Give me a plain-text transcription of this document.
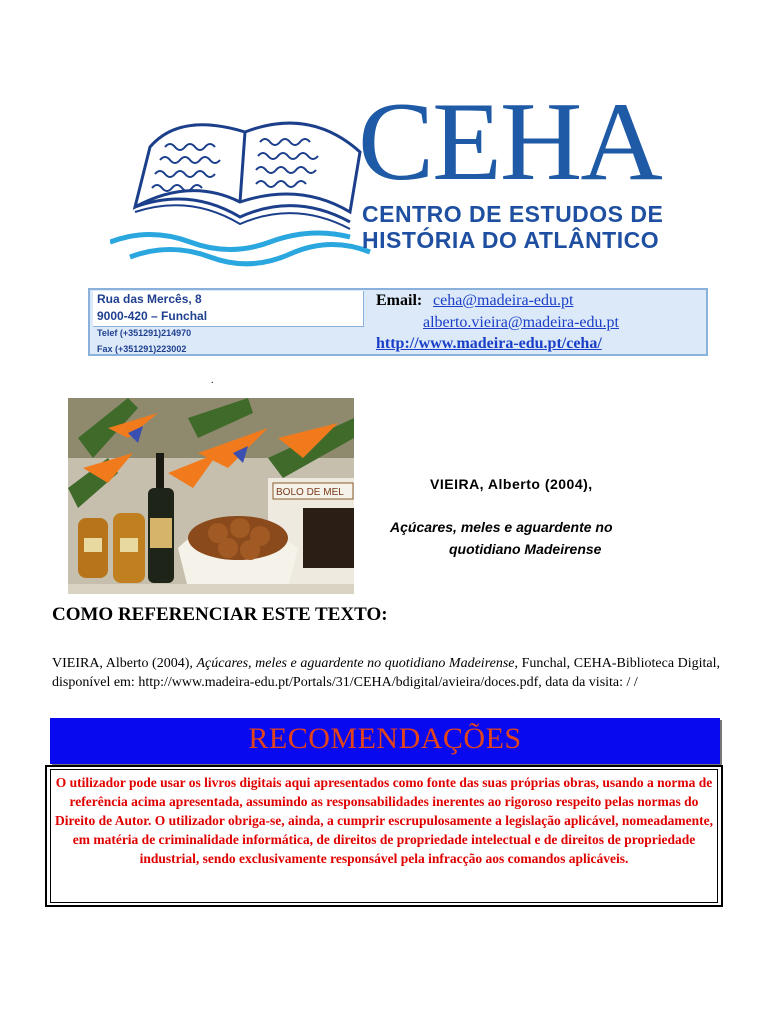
CEHA
CENTRO DE ESTUDOS DE HISTÓRIA DO ATLÂNTICO
Rua das Mercês, 8
9000-420 – Funchal
Telef (+351291)214970
Fax (+351291)223002
Email: ceha@madeira-edu.pt
alberto.vieira@madeira-edu.pt
http://www.madeira-edu.pt/ceha/
.
BOLO DE MEL
VIEIRA, Alberto (2004),
Açúcares, meles e aguardente no
quotidiano Madeirense
COMO REFERENCIAR ESTE TEXTO:
VIEIRA, Alberto (2004), Açúcares, meles e aguardente no quotidiano Madeirense, Funchal, CEHA-Biblioteca Digital, disponível em: http://www.madeira-edu.pt/Portals/31/CEHA/bdigital/avieira/doces.pdf, data da visita: / /
RECOMENDAÇÕES
O utilizador pode usar os livros digitais aqui apresentados como fonte das suas próprias obras, usando a norma de referência acima apresentada, assumindo as responsabilidades inerentes ao rigoroso respeito pelas normas do Direito de Autor. O utilizador obriga-se, ainda, a cumprir escrupulosamente a legislação aplicável, nomeadamente, em matéria de criminalidade informática, de direitos de propriedade intelectual e de direitos de propriedade industrial, sendo exclusivamente responsável pela infracção aos comandos aplicáveis.
